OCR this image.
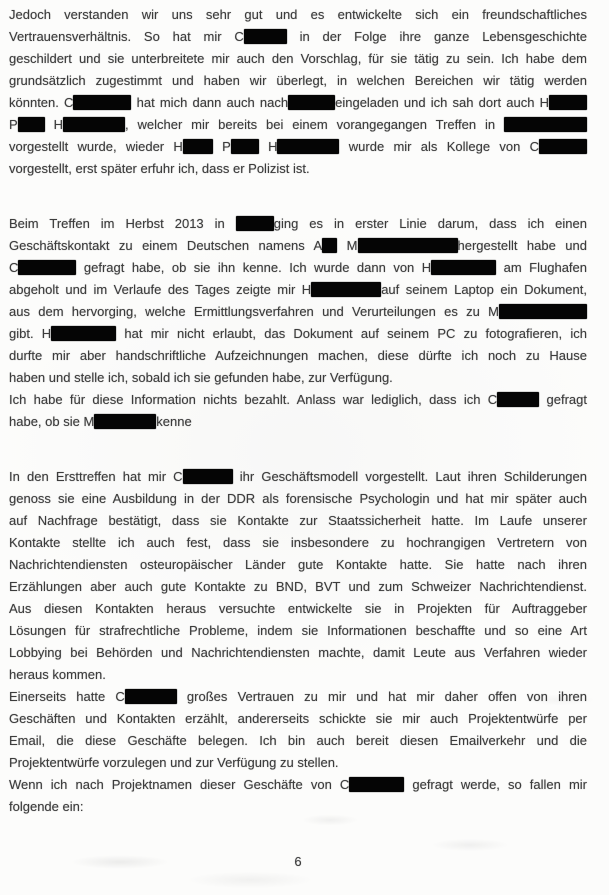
Jedoch verstanden wir uns sehr gut und es entwickelte sich ein freundschaftliches
Vertrauensverhältnis. So hat mir C	in der Folge ihre ganze Lebensgeschichte
geschildert und sie unterbreitete mir auch den Vorschlag, für sie tätig zu sein. Ich habe dem
grundsätzlich zugestimmt und haben wir überlegt, in welchen Bereichen wir tätig werden
könnten. C	hat mich dann auch nach	eingeladen und ich sah dort auch H
P H	, welcher mir bereits bei einem vorangegangen Treffen in
vorgestellt wurde, wieder H P H	wurde mir als Kollege von C
vorgestellt, erst später erfuhr ich, dass er Polizist ist.
Beim Treffen im Herbst 2013 in	ging es in erster Linie darum, dass ich einen
Geschäftskontakt zu einem Deutschen namens A M	hergestellt habe und
C	gefragt habe, ob sie ihn kenne. Ich wurde dann von H	am Flughafen
abgeholt und im Verlaufe des Tages zeigte mir H	auf seinem Laptop ein Dokument,
aus dem hervorging, welche Ermittlungsverfahren und Verurteilungen es zu M
gibt. H	hat mir nicht erlaubt, das Dokument auf seinem PC zu fotografieren, ich
durfte mir aber handschriftliche Aufzeichnungen machen, diese dürfte ich noch zu Hause
haben und stelle ich, sobald ich sie gefunden habe, zur Verfügung.
Ich habe für diese Information nichts bezahlt. Anlass war lediglich, dass ich C	gefragt
habe, ob sie M	kenne
In den Ersttreffen hat mir C	ihr Geschäftsmodell vorgestellt. Laut ihren Schilderungen
genoss sie eine Ausbildung in der DDR als forensische Psychologin und hat mir später auch
auf Nachfrage bestätigt, dass sie Kontakte zur Staatssicherheit hatte. Im Laufe unserer
Kontakte stellte ich auch fest, dass sie insbesondere zu hochrangigen Vertretern von
Nachrichtendiensten osteuropäischer Länder gute Kontakte hatte. Sie hatte nach ihren
Erzählungen aber auch gute Kontakte zu BND, BVT und zum Schweizer Nachrichtendienst.
Aus diesen Kontakten heraus versuchte entwickelte sie in Projekten für Auftraggeber
Lösungen für strafrechtliche Probleme, indem sie Informationen beschaffte und so eine Art
Lobbying bei Behörden und Nachrichtendiensten machte, damit Leute aus Verfahren wieder
heraus kommen.
Einerseits hatte C	großes Vertrauen zu mir und hat mir daher offen von ihren
Geschäften und Kontakten erzählt, andererseits schickte sie mir auch Projektentwürfe per
Email, die diese Geschäfte belegen. Ich bin auch bereit diesen Emailverkehr und die
Projektentwürfe vorzulegen und zur Verfügung zu stellen.
Wenn ich nach Projektnamen dieser Geschäfte von C	gefragt werde, so fallen mir
folgende ein:
6
